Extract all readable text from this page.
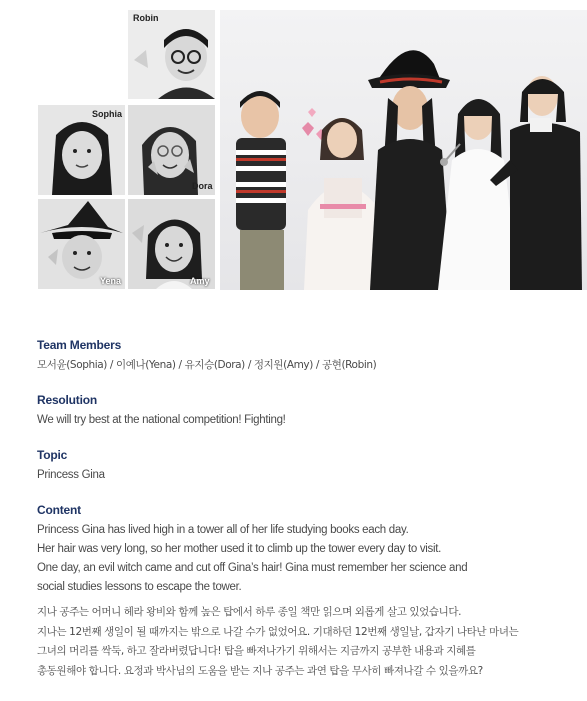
Robin
Sophia
Dora
Yena	Amy
Team Members
모서윤(Sophia) / 이예나(Yena) / 유지승(Dora) / 정지원(Amy) / 공현(Robin)
Resolution
We will try best at the national competition! Fighting!
Topic
Princess Gina
Content
Princess Gina has lived high in a tower all of her life studying books each day.
Her hair was very long, so her mother used it to climb up the tower every day to visit.
One day, an evil witch came and cut off Gina’s hair! Gina must remember her science and
social studies lessons to escape the tower.
지나 공주는 어머니 헤라 왕비와 함께 높은 탑에서 하루 종일 책만 읽으며 외롭게 살고 있었습니다.
지나는 12번째 생일이 될 때까지는 밖으로 나갈 수가 없었어요. 기대하던 12번째 생일날, 갑자기 나타난 마녀는
그녀의 머리를 싹둑, 하고 잘라버렸답니다! 탑을 빠져나가기 위해서는 지금까지 공부한 내용과 지혜를
총동원해야 합니다. 요정과 박사님의 도움을 받는 지나 공주는 과연 탑을 무사히 빠져나갈 수 있을까요?
